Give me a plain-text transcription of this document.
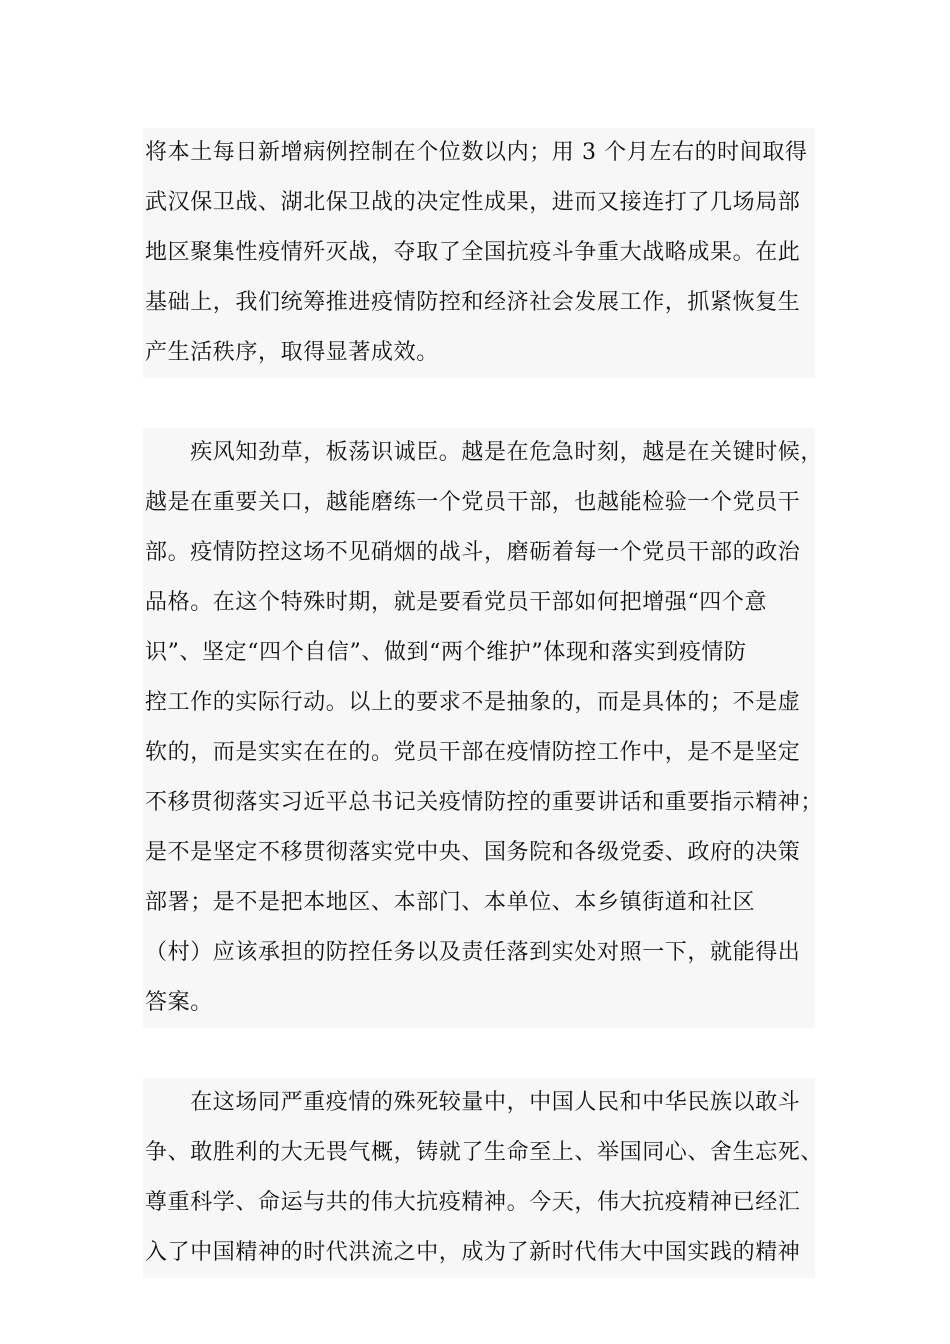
将本土每日新增病例控制在个位数以内；用 3 个月左右的时间取得
武汉保卫战、湖北保卫战的决定性成果，进而又接连打了几场局部
地区聚集性疫情歼灭战，夺取了全国抗疫斗争重大战略成果。在此
基础上，我们统筹推进疫情防控和经济社会发展工作，抓紧恢复生
产生活秩序，取得显著成效。
　　疾风知劲草，板荡识诚臣。越是在危急时刻，越是在关键时候，
越是在重要关口，越能磨练一个党员干部，也越能检验一个党员干
部。疫情防控这场不见硝烟的战斗，磨砺着每一个党员干部的政治
品格。在这个特殊时期，就是要看党员干部如何把增强“四个意
识”、坚定“四个自信”、做到“两个维护”体现和落实到疫情防
控工作的实际行动。以上的要求不是抽象的，而是具体的；不是虚
软的，而是实实在在的。党员干部在疫情防控工作中，是不是坚定
不移贯彻落实习近平总书记关疫情防控的重要讲话和重要指示精神；
是不是坚定不移贯彻落实党中央、国务院和各级党委、政府的决策
部署；是不是把本地区、本部门、本单位、本乡镇街道和社区
（村）应该承担的防控任务以及责任落到实处对照一下，就能得出
答案。
　　在这场同严重疫情的殊死较量中，中国人民和中华民族以敢斗
争、敢胜利的大无畏气概，铸就了生命至上、举国同心、舍生忘死、
尊重科学、命运与共的伟大抗疫精神。今天，伟大抗疫精神已经汇
入了中国精神的时代洪流之中，成为了新时代伟大中国实践的精神
